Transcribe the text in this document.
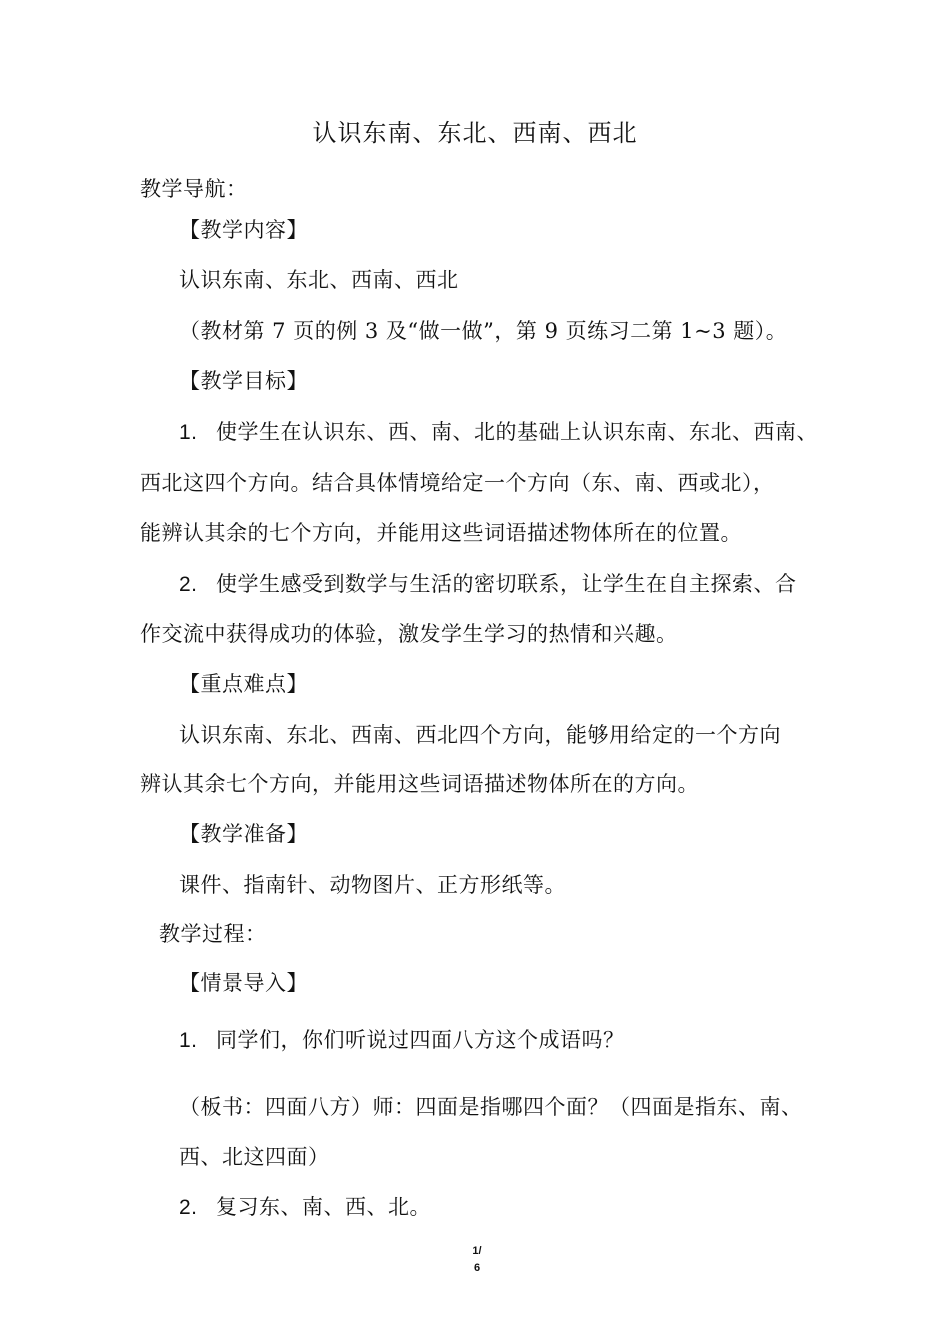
认识东南、东北、西南、西北
教学导航：
【教学内容】
认识东南、东北、西南、西北
（教材第 7 页的例 3 及“做一做”，第 9 页练习二第 1~3 题）。
【教学目标】
1. 使学生在认识东、西、南、北的基础上认识东南、东北、西南、
西北这四个方向。结合具体情境给定一个方向（东、南、西或北），
能辨认其余的七个方向，并能用这些词语描述物体所在的位置。
2. 使学生感受到数学与生活的密切联系，让学生在自主探索、合
作交流中获得成功的体验，激发学生学习的热情和兴趣。
【重点难点】
认识东南、东北、西南、西北四个方向，能够用给定的一个方向
辨认其余七个方向，并能用这些词语描述物体所在的方向。
【教学准备】
课件、指南针、动物图片、正方形纸等。
教学过程：
【情景导入】
1. 同学们，你们听说过四面八方这个成语吗？
（板书：四面八方）师：四面是指哪四个面？（四面是指东、南、
西、北这四面）
2. 复习东、南、西、北。
1/
6
